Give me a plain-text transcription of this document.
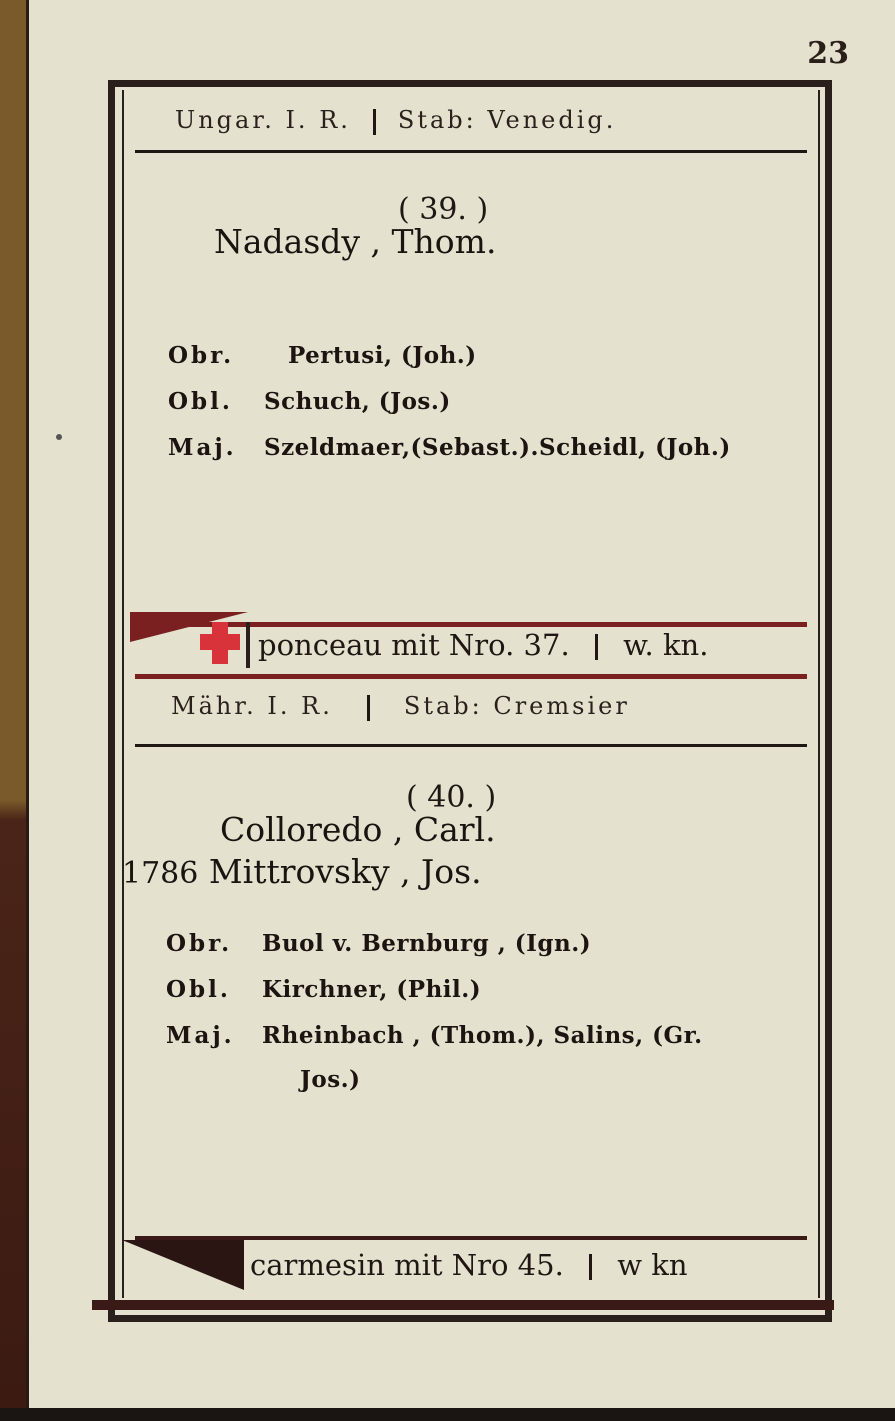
23
Ungar. I. R. Stab: Venedig.
( 39. )
Nadasdy , Thom.
Obr. Pertusi, (Joh.)
Obl. Schuch, (Jos.)
Maj. Szeldmaer,(Sebast.).Scheidl, (Joh.)
ponceau mit Nro. 37. w. kn.
Mähr. I. R.	Stab: Cremsier
( 40. )
Colloredo , Carl.
1786 Mittrovsky , Jos.
Obr. Buol v. Bernburg , (Ign.)
Obl. Kirchner, (Phil.)
Maj. Rheinbach , (Thom.), Salins, (Gr.
Jos.)
carmesin mit Nro 45. w kn
